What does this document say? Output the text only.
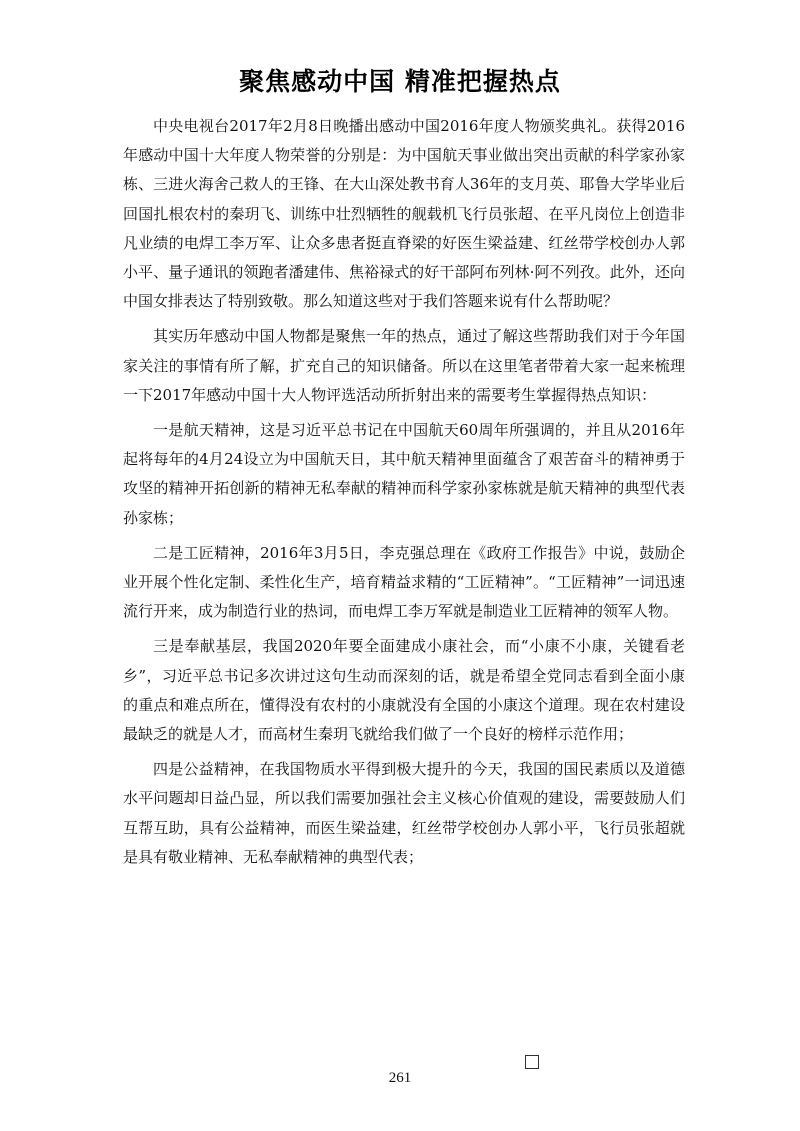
聚焦感动中国 精准把握热点

中央电视台2017年2月8日晚播出感动中国2016年度人物颁奖典礼。获得2016年感动中国十大年度人物荣誉的分别是：为中国航天事业做出突出贡献的科学家孙家栋、三进火海舍己救人的王锋、在大山深处教书育人36年的支月英、耶鲁大学毕业后回国扎根农村的秦玥飞、训练中壮烈牺牲的舰载机飞行员张超、在平凡岗位上创造非凡业绩的电焊工李万军、让众多患者挺直脊梁的好医生梁益建、红丝带学校创办人郭小平、量子通讯的领跑者潘建伟、焦裕禄式的好干部阿布列林·阿不列孜。此外，还向中国女排表达了特别致敬。那么知道这些对于我们答题来说有什么帮助呢？

其实历年感动中国人物都是聚焦一年的热点，通过了解这些帮助我们对于今年国家关注的事情有所了解，扩充自己的知识储备。所以在这里笔者带着大家一起来梳理一下2017年感动中国十大人物评选活动所折射出来的需要考生掌握得热点知识：

一是航天精神，这是习近平总书记在中国航天60周年所强调的，并且从2016年起将每年的4月24设立为中国航天日，其中航天精神里面蕴含了艰苦奋斗的精神勇于攻坚的精神开拓创新的精神无私奉献的精神而科学家孙家栋就是航天精神的典型代表孙家栋；

二是工匠精神，2016年3月5日，李克强总理在《政府工作报告》中说，鼓励企业开展个性化定制、柔性化生产，培育精益求精的“工匠精神”。“工匠精神”一词迅速流行开来，成为制造行业的热词，而电焊工李万军就是制造业工匠精神的领军人物。

三是奉献基层，我国2020年要全面建成小康社会，而“小康不小康，关键看老乡”，习近平总书记多次讲过这句生动而深刻的话，就是希望全党同志看到全面小康的重点和难点所在，懂得没有农村的小康就没有全国的小康这个道理。现在农村建设最缺乏的就是人才，而高材生秦玥飞就给我们做了一个良好的榜样示范作用；

四是公益精神，在我国物质水平得到极大提升的今天，我国的国民素质以及道德水平问题却日益凸显，所以我们需要加强社会主义核心价值观的建设，需要鼓励人们互帮互助，具有公益精神，而医生梁益建，红丝带学校创办人郭小平，飞行员张超就是具有敬业精神、无私奉献精神的典型代表；

261
